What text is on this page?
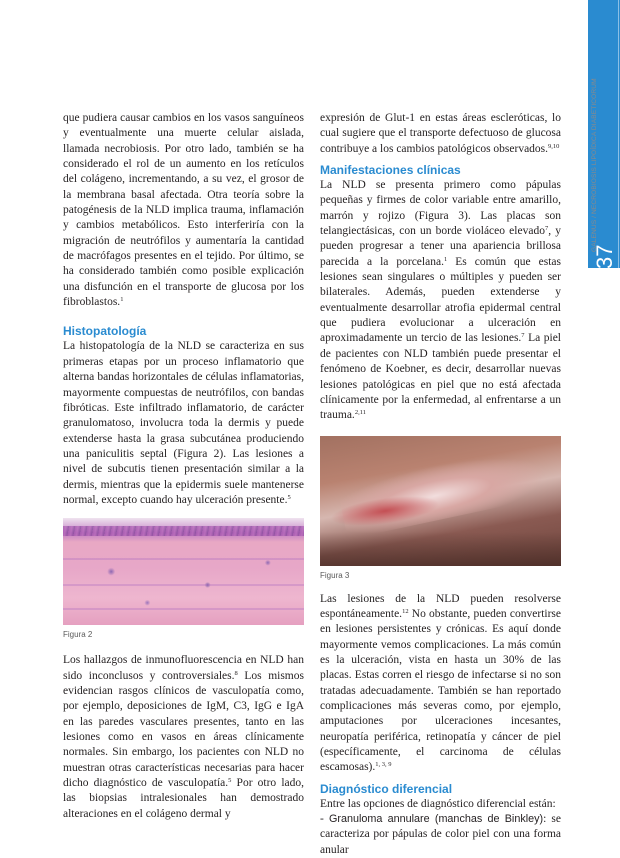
37
GALENUS / NECROBIOSIS LIPOÍDICA DIABETICORUM

que pudiera causar cambios en los vasos sanguíneos y eventualmente una muerte celular aislada, llamada necrobiosis. Por otro lado, también se ha considerado el rol de un aumento en los retículos del colágeno, incrementando, a su vez, el grosor de la membrana basal afectada. Otra teoría sobre la patogénesis de la NLD implica trauma, inflamación y cambios metabólicos. Esto interferiría con la migración de neutrófilos y aumentaría la cantidad de macrófagos presentes en el tejido. Por último, se ha considerado también como posible explicación una disfunción en el transporte de glucosa por los fibroblastos.$^1$

Histopatología

La histopatología de la NLD se caracteriza en sus primeras etapas por un proceso inflamatorio que alterna bandas horizontales de células inflamatorias, mayormente compuestas de neutrófilos, con bandas fibróticas. Este infiltrado inflamatorio, de carácter granulomatoso, involucra toda la dermis y puede extenderse hasta la grasa subcutánea produciendo una paniculitis septal (Figura 2). Las lesiones a nivel de subcutis tienen presentación similar a la dermis, mientras que la epidermis suele mantenerse normal, excepto cuando hay ulceración presente.$^5$

Figura 2

Los hallazgos de inmunofluorescencia en NLD han sido inconclusos y controversiales.$^8$ Los mismos evidencian rasgos clínicos de vasculopatía como, por ejemplo, deposiciones de IgM, C3, IgG e IgA en las paredes vasculares presentes, tanto en las lesiones como en vasos en áreas clínicamente normales. Sin embargo, los pacientes con NLD no muestran otras características necesarias para hacer dicho diagnóstico de vasculopatía.$^5$ Por otro lado, las biopsias intralesionales han demostrado alteraciones en el colágeno dermal y

expresión de Glut-1 en estas áreas escleróticas, lo cual sugiere que el transporte defectuoso de glucosa contribuye a los cambios patológicos observados.$^{9,10}$

Manifestaciones clínicas

La NLD se presenta primero como pápulas pequeñas y firmes de color variable entre amarillo, marrón y rojizo (Figura 3). Las placas son telangiectásicas, con un borde violáceo elevado$^7$, y pueden progresar a tener una apariencia brillosa parecida a la porcelana.$^1$ Es común que estas lesiones sean singulares o múltiples y pueden ser bilaterales. Además, pueden extenderse y eventualmente desarrollar atrofia epidermal central que pudiera evolucionar a ulceración en aproximadamente un tercio de las lesiones.$^7$ La piel de pacientes con NLD también puede presentar el fenómeno de Koebner, es decir, desarrollar nuevas lesiones patológicas en piel que no está afectada clínicamente por la enfermedad, al enfrentarse a un trauma.$^{2,11}$

Figura 3

Las lesiones de la NLD pueden resolverse espontáneamente.$^{12}$ No obstante, pueden convertirse en lesiones persistentes y crónicas. Es aquí donde mayormente vemos complicaciones. La más común es la ulceración, vista en hasta un 30% de las placas. Estas corren el riesgo de infectarse si no son tratadas adecuadamente. También se han reportado complicaciones más severas como, por ejemplo, amputaciones por ulceraciones incesantes, neuropatía periférica, retinopatía y cáncer de piel (específicamente, el carcinoma de células escamosas).$^{1, 3, 9}$

Diagnóstico diferencial

Entre las opciones de diagnóstico diferencial están:

- Granuloma annulare (manchas de Binkley): se caracteriza por pápulas de color piel con una forma anular
